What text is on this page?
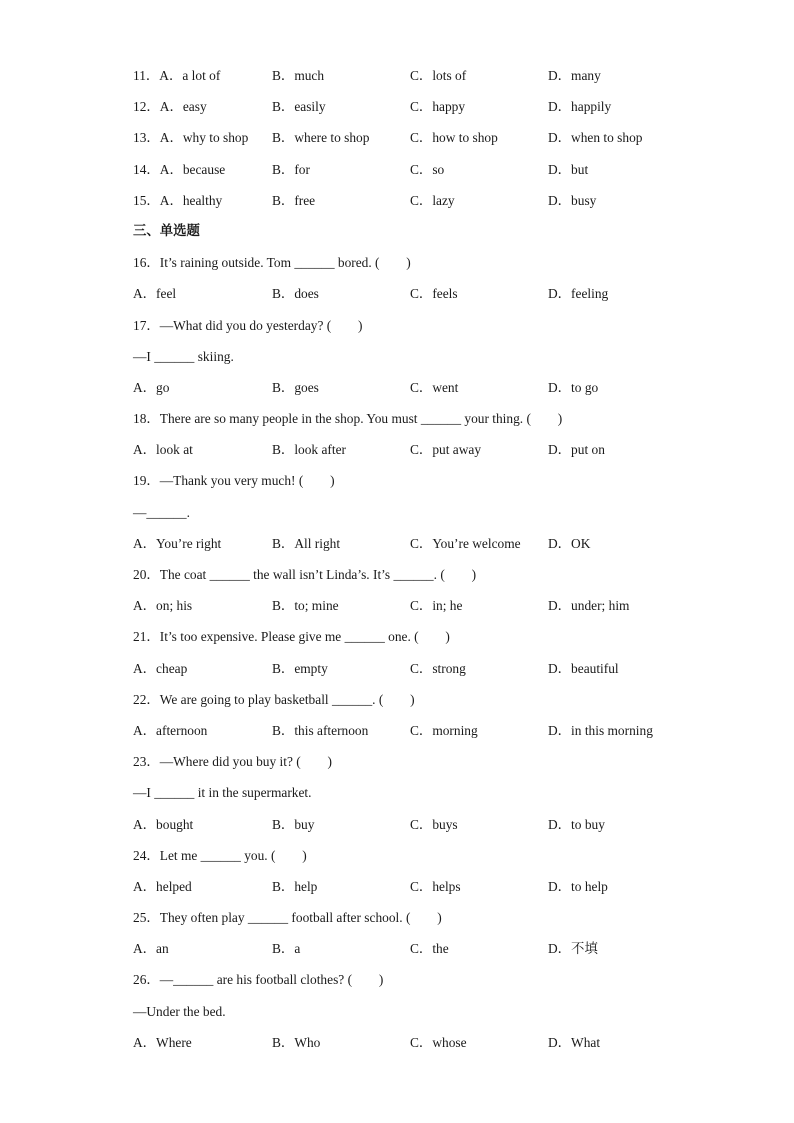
11．A．a lot of	B．much	C．lots of	D．many
12．A．easy	B．easily	C．happy	D．happily
13．A．why to shop B．where to shop	C．how to shop	D．when to shop
14．A．because	B．for	C．so	D．but
15．A．healthy	B．free	C．lazy	D．busy
三、单选题
16．It’s raining outside. Tom ______ bored. (　　)
A．feel	B．does	C．feels	D．feeling
17．—What did you do yesterday? (　　)
—I ______ skiing.
A．go	B．goes	C．went	D．to go
18．There are so many people in the shop. You must ______ your thing. (　　)
A．look at	B．look after	C．put away	D．put on
19．—Thank you very much! (　　)
—______.
A．You’re right	B．All right	C．You’re welcome D．OK
20．The coat ______ the wall isn’t Linda’s. It’s ______. (　　)
A．on; his	B．to; mine	C．in; he	D．under; him
21．It’s too expensive. Please give me ______ one. (　　)
A．cheap	B．empty	C．strong	D．beautiful
22．We are going to play basketball ______. (　　)
A．afternoon	B．this afternoon	C．morning	D．in this morning
23．—Where did you buy it? (　　)
—I ______ it in the supermarket.
A．bought	B．buy	C．buys	D．to buy
24．Let me ______ you. (　　)
A．helped	B．help	C．helps	D．to help
25．They often play ______ football after school. (　　)
A．an	B．a	C．the	D．不填
26．—______ are his football clothes? (　　)
—Under the bed.
A．Where	B．Who	C．whose	D．What
